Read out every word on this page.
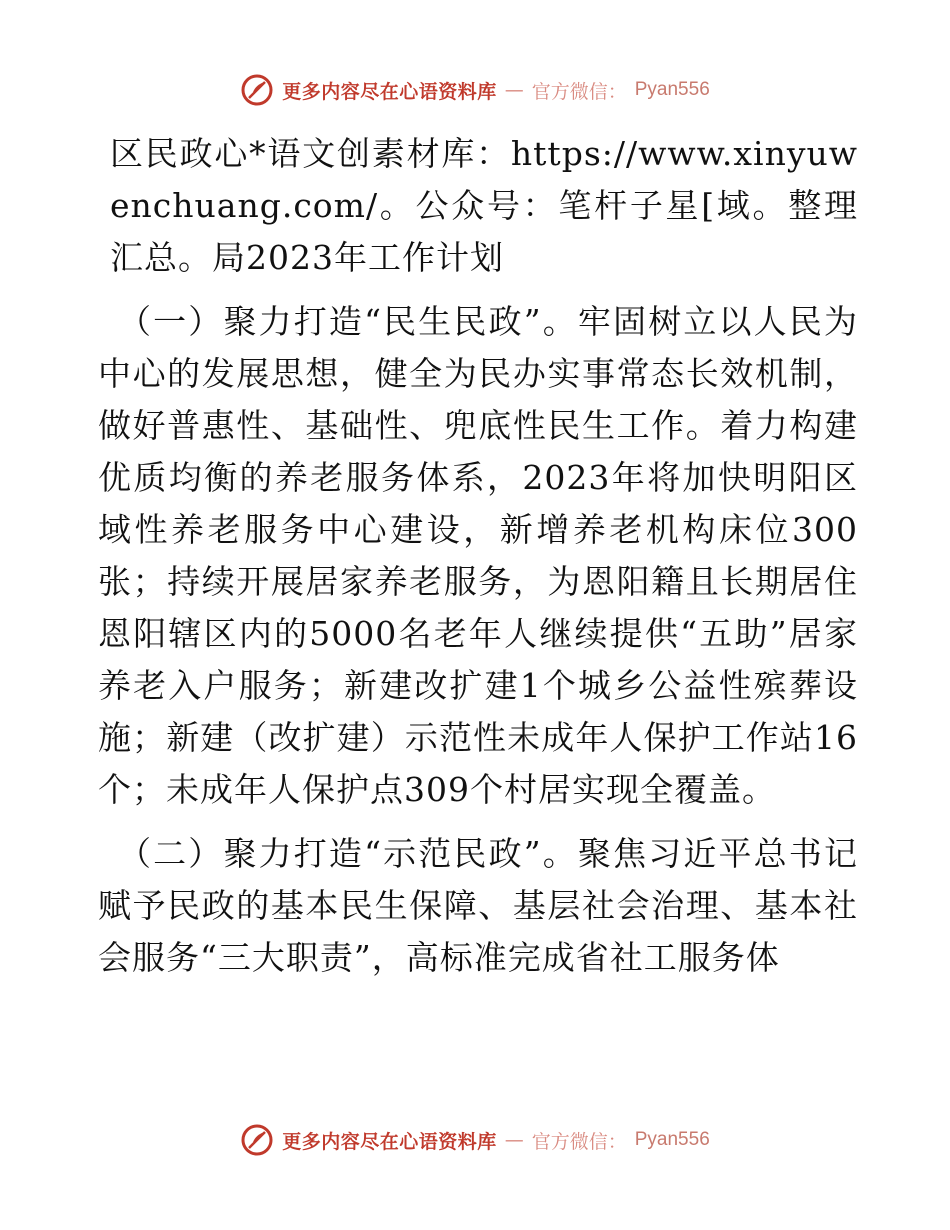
更多内容尽在心语资料库 — 官方微信： Pyan556

区民政心*语文创素材库：https://www.xinyuwenchuang.com/。公众号：笔杆子星[域。整理汇总。局2023年工作计划

（一）聚力打造“民生民政”。牢固树立以人民为中心的发展思想，健全为民办实事常态长效机制，做好普惠性、基础性、兜底性民生工作。着力构建优质均衡的养老服务体系，2023年将加快明阳区域性养老服务中心建设，新增养老机构床位300张；持续开展居家养老服务，为恩阳籍且长期居住恩阳辖区内的5000名老年人继续提供“五助”居家养老入户服务；新建改扩建1个城乡公益性殡葬设施；新建（改扩建）示范性未成年人保护工作站16个；未成年人保护点309个村居实现全覆盖。

（二）聚力打造“示范民政”。聚焦习近平总书记赋予民政的基本民生保障、基层社会治理、基本社会服务“三大职责”，高标准完成省社工服务体

更多内容尽在心语资料库 — 官方微信： Pyan556
